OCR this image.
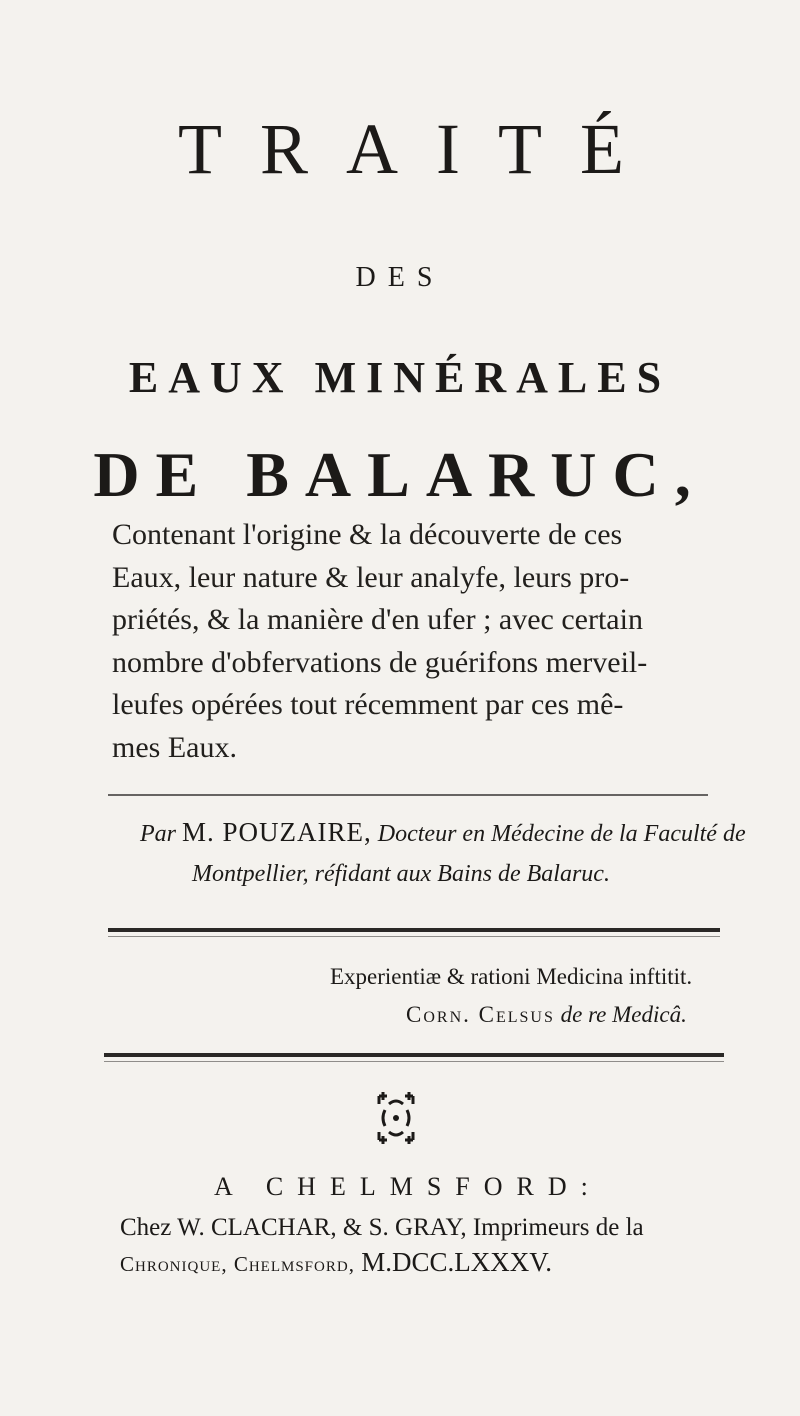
TRAITÉ
DES
EAUX MINÉRALES
DE BALARUC,
Contenant l'origine & la découverte de ces
Eaux, leur nature & leur analyfe, leurs pro-
priétés, & la manière d'en ufer ; avec certain
nombre d'obfervations de guérifons merveil-
leufes opérées tout récemment par ces mê-
mes Eaux.
Par M. POUZAIRE, Docteur en Médecine de la Faculté de
Montpellier, réfidant aux Bains de Balaruc.
Experientiæ & rationi Medicina inftitit.
Corn. Celsus de re Medicâ.
A CHELMSFORD:
Chez W. CLACHAR, & S. GRAY, Imprimeurs de la
Chronique, Chelmsford, M.DCC.LXXXV.
